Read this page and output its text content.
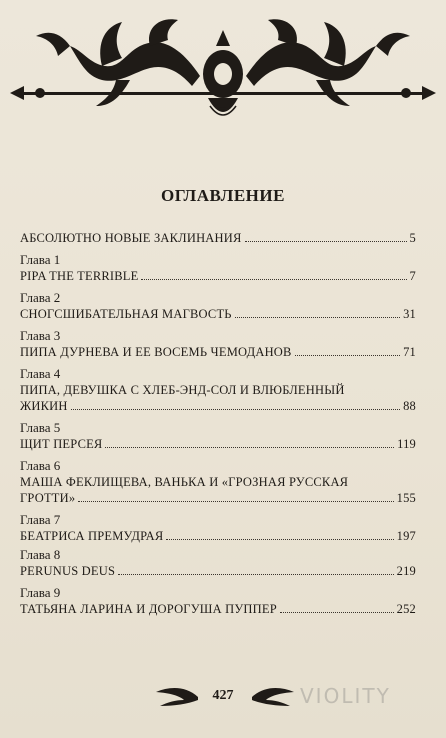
ОГЛАВЛЕНИЕ
АБСОЛЮТНО НОВЫЕ ЗАКЛИНАНИЯ	5
Глава 1
PIPA THE TERRIBLE	7
Глава 2
СНОГСШИБАТЕЛЬНАЯ МАГВОСТЬ	31
Глава 3
ПИПА ДУРНЕВА И ЕЕ ВОСЕМЬ ЧЕМОДАНОВ	71
Глава 4
ПИПА, ДЕВУШКА С ХЛЕБ-ЭНД-СОЛ И ВЛЮБЛЕННЫЙ
ЖИКИН	88
Глава 5
ЩИТ ПЕРСЕЯ	119
Глава 6
МАША ФЕКЛИЩЕВА, ВАНЬКА И «ГРОЗНАЯ РУССКАЯ
ГРОТТИ»	155
Глава 7
БЕАТРИСА ПРЕМУДРАЯ	197
Глава 8
PERUNUS DEUS	219
Глава 9
ТАТЬЯНА ЛАРИНА И ДОРОГУША ПУППЕР	252
427	VIOLITY
